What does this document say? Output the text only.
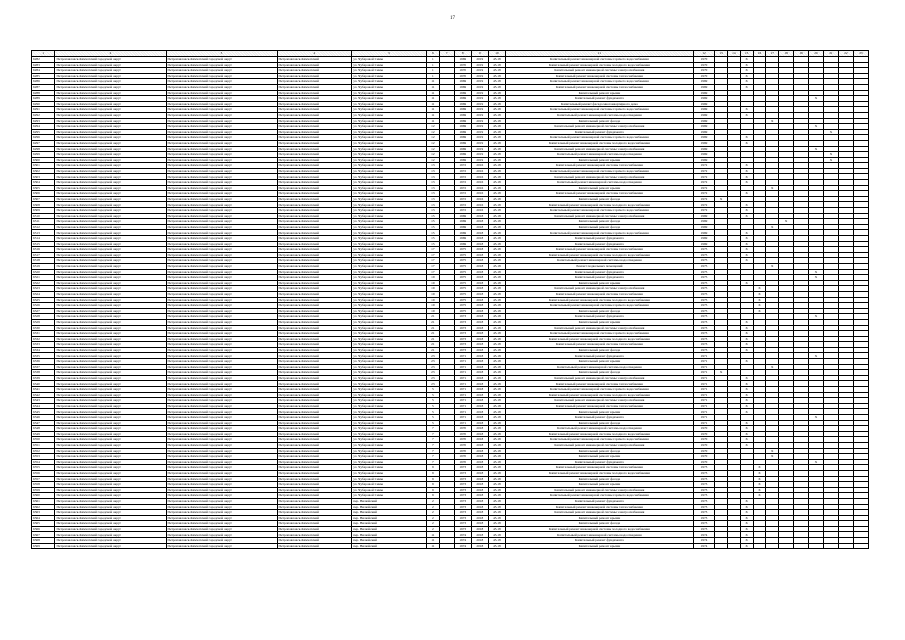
17
1	2	3	4	5	6	7	8	9	10	11	12	13	14	15	16	17	18	19	20	21	22	23
6282	Петропавловск-Камчатский городской округ	Петропавловск-Камчатский городской округ	Петропавловск-Камчатский	ул. Чубаровой Симы	1		1969	2019	45.18	Капитальный ремонт инженерной системы горячего водоснабжения	1970			X								
6283	Петропавловск-Камчатский городской округ	Петропавловск-Камчатский городской округ	Петропавловск-Камчатский	ул. Чубаровой Симы	1		1970	2019	45.18	Капитальный ремонт инженерной системы холодного водоснабжения	1970			X								
6284	Петропавловск-Камчатский городской округ	Петропавловск-Камчатский городской округ	Петропавловск-Камчатский	ул. Чубаровой Симы	1		1970	2019	45.18	Капитальный ремонт инженерной системы электроснабжения	1970			X								
6285	Петропавловск-Камчатский городской округ	Петропавловск-Камчатский городской округ	Петропавловск-Камчатский	ул. Чубаровой Симы	1		1970	2019	45.18	Капитальный ремонт инженерной системы теплоснабжения	1970			X								
6286	Петропавловск-Камчатский городской округ	Петропавловск-Камчатский городской округ	Петропавловск-Камчатский	ул. Чубаровой Симы	11		1969	2019	45.18	Капитальный ремонт инженерной системы горячего водоснабжения	1969			X								
6287	Петропавловск-Камчатский городской округ	Петропавловск-Камчатский городской округ	Петропавловск-Камчатский	ул. Чубаровой Симы	11		1969	2019	45.18	Капитальный ремонт инженерной системы теплоснабжения	1969			X								
6288	Петропавловск-Камчатский городской округ	Петропавловск-Камчатский городской округ	Петропавловск-Камчатский	ул. Чубаровой Симы	11		1969	2019	45.18	Капитальный ремонт крыши	1969											
6289	Петропавловск-Камчатский городской округ	Петропавловск-Камчатский городской округ	Петропавловск-Камчатский	ул. Чубаровой Симы	11		1969	2019	45.18	Капитальный ремонт фундамента	1969								X			
6290	Петропавловск-Камчатский городской округ	Петропавловск-Камчатский городской округ	Петропавловск-Камчатский	ул. Чубаровой Симы	11		1969	2019	45.18	Капитальный ремонт фасада многоквартирного дома	1969											
6291	Петропавловск-Камчатский городской округ	Петропавловск-Камчатский городской округ	Петропавловск-Камчатский	ул. Чубаровой Симы	11		1969	2019	45.18	Капитальный ремонт инженерной системы горячего водоснабжения	1969			X								
6292	Петропавловск-Камчатский городской округ	Петропавловск-Камчатский городской округ	Петропавловск-Камчатский	ул. Чубаровой Симы	11		1969	2019	45.18	Капитальный ремонт инженерной системы водоотведения	1969			X								
6293	Петропавловск-Камчатский городской округ	Петропавловск-Камчатский городской округ	Петропавловск-Камчатский	ул. Чубаровой Симы	11		1969	2019	45.18	Капитальный ремонт фасада	1969					X						
6294	Петропавловск-Камчатский городской округ	Петропавловск-Камчатский городской округ	Петропавловск-Камчатский	ул. Чубаровой Симы	12		1969	2019	45.18	Капитальный ремонт инженерной системы электроснабжения	1969								X			
6295	Петропавловск-Камчатский городской округ	Петропавловск-Камчатский городской округ	Петропавловск-Камчатский	ул. Чубаровой Симы	12		1969	2019	45.18	Капитальный ремонт фундамента	1969									X		
6296	Петропавловск-Камчатский городской округ	Петропавловск-Камчатский городской округ	Петропавловск-Камчатский	ул. Чубаровой Симы	12		1969	2019	45.18	Капитальный ремонт инженерной системы горячего водоснабжения	1969			X								
6297	Петропавловск-Камчатский городской округ	Петропавловск-Камчатский городской округ	Петропавловск-Камчатский	ул. Чубаровой Симы	12		1969	2019	45.18	Капитальный ремонт инженерной системы холодного водоснабжения	1969			X								
6298	Петропавловск-Камчатский городской округ	Петропавловск-Камчатский городской округ	Петропавловск-Камчатский	ул. Чубаровой Симы	12		1969	2019	45.18	Капитальный ремонт инженерной системы электроснабжения	1969								X			
6299	Петропавловск-Камчатский городской округ	Петропавловск-Камчатский городской округ	Петропавловск-Камчатский	ул. Чубаровой Симы	12		1969	2019	45.18	Капитальный ремонт инженерной системы водоотведения	1969									X		
6300	Петропавловск-Камчатский городской округ	Петропавловск-Камчатский городской округ	Петропавловск-Камчатский	ул. Чубаровой Симы	12		1969	2019	45.18	Капитальный ремонт крыши	1969									X		
6301	Петропавловск-Камчатский городской округ	Петропавловск-Камчатский городской округ	Петропавловск-Камчатский	ул. Чубаровой Симы	13		1972	2016	45.18	Капитальный ремонт инженерной системы теплоснабжения	1972			X								
6302	Петропавловск-Камчатский городской округ	Петропавловск-Камчатский городской округ	Петропавловск-Камчатский	ул. Чубаровой Симы	13		1972	2016	45.18	Капитальный ремонт инженерной системы горячего водоснабжения	1972			X								
6303	Петропавловск-Камчатский городской округ	Петропавловск-Камчатский городской округ	Петропавловск-Камчатский	ул. Чубаровой Симы	13		1972	2016	45.18	Капитальный ремонт инженерной системы электроснабжения	1972			X								
6304	Петропавловск-Камчатский городской округ	Петропавловск-Камчатский городской округ	Петропавловск-Камчатский	ул. Чубаровой Симы	13		1972	2016	45.18	Капитальный ремонт инженерной системы водоотведения	1972			X								
6305	Петропавловск-Камчатский городской округ	Петропавловск-Камчатский городской округ	Петропавловск-Камчатский	ул. Чубаровой Симы	13		1972	2016	45.18	Капитальный ремонт крыши	1972					X						
6306	Петропавловск-Камчатский городской округ	Петропавловск-Камчатский городской округ	Петропавловск-Камчатский	ул. Чубаровой Симы	13		1972	2016	45.18	Капитальный ремонт инженерной системы теплоснабжения	1972			X								
6307	Петропавловск-Камчатский городской округ	Петропавловск-Камчатский городской округ	Петропавловск-Камчатский	ул. Чубаровой Симы	13		1972	2016	45.18	Капитальный ремонт фасада	1972	X										
6308	Петропавловск-Камчатский городской округ	Петропавловск-Камчатский городской округ	Петропавловск-Камчатский	ул. Чубаровой Симы	13		1972	2016	45.18	Капитальный ремонт инженерной системы холодного водоснабжения	1972			X								
6309	Петропавловск-Камчатский городской округ	Петропавловск-Камчатский городской округ	Петропавловск-Камчатский	ул. Чубаровой Симы	13		1972	2016	45.18	Капитальный ремонт инженерной системы горячего водоснабжения	1972			X								
6310	Петропавловск-Камчатский городской округ	Петропавловск-Камчатский городской округ	Петропавловск-Камчатский	ул. Чубаровой Симы	15		1969	2018	45.18	Капитальный ремонт инженерной системы электроснабжения	1969			X								
6311	Петропавловск-Камчатский городской округ	Петропавловск-Камчатский городской округ	Петропавловск-Камчатский	ул. Чубаровой Симы	15		1969	2018	45.18	Капитальный ремонт фасада	1969						X					
6312	Петропавловск-Камчатский городской округ	Петропавловск-Камчатский городской округ	Петропавловск-Камчатский	ул. Чубаровой Симы	15		1969	2018	45.18	Капитальный ремонт фасада	1969					X						
6313	Петропавловск-Камчатский городской округ	Петропавловск-Камчатский городской округ	Петропавловск-Камчатский	ул. Чубаровой Симы	15		1969	2018	45.18	Капитальный ремонт инженерной системы горячего водоснабжения	1969			X								
6314	Петропавловск-Камчатский городской округ	Петропавловск-Камчатский городской округ	Петропавловск-Камчатский	ул. Чубаровой Симы	15		1969	2018	45.18	Капитальный ремонт фундамента	1969			X								
6315	Петропавловск-Камчатский городской округ	Петропавловск-Камчатский городской округ	Петропавловск-Камчатский	ул. Чубаровой Симы	15		1969	2018	45.18	Капитальный ремонт фундамента	1969			X								
6316	Петропавловск-Камчатский городской округ	Петропавловск-Камчатский городской округ	Петропавловск-Камчатский	ул. Чубаровой Симы	17		1975	2018	45.18	Капитальный ремонт инженерной системы теплоснабжения	1975			X								
6317	Петропавловск-Камчатский городской округ	Петропавловск-Камчатский городской округ	Петропавловск-Камчатский	ул. Чубаровой Симы	17		1975	2018	45.18	Капитальный ремонт инженерной системы холодного водоснабжения	1975			X								
6318	Петропавловск-Камчатский городской округ	Петропавловск-Камчатский городской округ	Петропавловск-Камчатский	ул. Чубаровой Симы	17		1975	2018	45.18	Капитальный ремонт инженерной системы водоотведения	1975			X								
6319	Петропавловск-Камчатский городской округ	Петропавловск-Камчатский городской округ	Петропавловск-Камчатский	ул. Чубаровой Симы	17		1975	2018	45.18	Ремонт подвальных помещений	1975					X						
6320	Петропавловск-Камчатский городской округ	Петропавловск-Камчатский городской округ	Петропавловск-Камчатский	ул. Чубаровой Симы	17		1975	2018	45.18	Капитальный ремонт фундамента	1975								X			
6321	Петропавловск-Камчатский городской округ	Петропавловск-Камчатский городской округ	Петропавловск-Камчатский	ул. Чубаровой Симы	19		1975	2018	45.18	Капитальный ремонт фундамента	1975								X			
6322	Петропавловск-Камчатский городской округ	Петропавловск-Камчатский городской округ	Петропавловск-Камчатский	ул. Чубаровой Симы	19		1975	2018	45.18	Капитальный ремонт крыши	1975			X								
6323	Петропавловск-Камчатский городской округ	Петропавловск-Камчатский городской округ	Петропавловск-Камчатский	ул. Чубаровой Симы	19		1975	2018	45.18	Капитальный ремонт инженерной системы электроснабжения	1975				X							
6324	Петропавловск-Камчатский городской округ	Петропавловск-Камчатский городской округ	Петропавловск-Камчатский	ул. Чубаровой Симы	19		1975	2018	45.18	Капитальный ремонт инженерной системы теплоснабжения	1975				X							
6325	Петропавловск-Камчатский городской округ	Петропавловск-Камчатский городской округ	Петропавловск-Камчатский	ул. Чубаровой Симы	19		1975	2018	45.18	Капитальный ремонт инженерной системы холодного водоснабжения	1975				X							
6326	Петропавловск-Камчатский городской округ	Петропавловск-Камчатский городской округ	Петропавловск-Камчатский	ул. Чубаровой Симы	19		1975	2018	45.18	Капитальный ремонт инженерной системы горячего водоснабжения	1975				X							
6327	Петропавловск-Камчатский городской округ	Петропавловск-Камчатский городской округ	Петропавловск-Камчатский	ул. Чубаровой Симы	19		1975	2018	45.18	Капитальный ремонт фасада	1975				X							
6328	Петропавловск-Камчатский городской округ	Петропавловск-Камчатский городской округ	Петропавловск-Камчатский	ул. Чубаровой Симы	21		1973	2018	45.18	Капитальный ремонт фундамента	1973								X			
6329	Петропавловск-Камчатский городской округ	Петропавловск-Камчатский городской округ	Петропавловск-Камчатский	ул. Чубаровой Симы	21		1973	2018	45.18	Капитальный ремонт крыши	1973			X								
6330	Петропавловск-Камчатский городской округ	Петропавловск-Камчатский городской округ	Петропавловск-Камчатский	ул. Чубаровой Симы	21		1973	2018	45.18	Капитальный ремонт инженерной системы электроснабжения	1973			X								
6331	Петропавловск-Камчатский городской округ	Петропавловск-Камчатский городской округ	Петропавловск-Камчатский	ул. Чубаровой Симы	21		1973	2018	45.18	Капитальный ремонт инженерной системы горячего водоснабжения	1973			X								
6332	Петропавловск-Камчатский городской округ	Петропавловск-Камчатский городской округ	Петропавловск-Камчатский	ул. Чубаровой Симы	21		1973	2018	45.18	Капитальный ремонт инженерной системы холодного водоснабжения	1973			X								
6333	Петропавловск-Камчатский городской округ	Петропавловск-Камчатский городской округ	Петропавловск-Камчатский	ул. Чубаровой Симы	21		1973	2018	45.18	Капитальный ремонт инженерной системы теплоснабжения	1973			X								
6334	Петропавловск-Камчатский городской округ	Петропавловск-Камчатский городской округ	Петропавловск-Камчатский	ул. Чубаровой Симы	21		1973	2018	45.18	Капитальный ремонт фасада	1973			X								
6335	Петропавловск-Камчатский городской округ	Петропавловск-Камчатский городской округ	Петропавловск-Камчатский	ул. Чубаровой Симы	23		1971	2018	45.18	Капитальный ремонт фундамента	1971								X			
6336	Петропавловск-Камчатский городской округ	Петропавловск-Камчатский городской округ	Петропавловск-Камчатский	ул. Чубаровой Симы	23		1971	2018	45.18	Капитальный ремонт крыши	1971			X								
6337	Петропавловск-Камчатский городской округ	Петропавловск-Камчатский городской округ	Петропавловск-Камчатский	ул. Чубаровой Симы	23		1971	2018	45.18	Капитальный ремонт инженерной системы водоотведения	1971					X						
6338	Петропавловск-Камчатский городской округ	Петропавловск-Камчатский городской округ	Петропавловск-Камчатский	ул. Чубаровой Симы	23		1971	2018	45.18	Капитальный ремонт фасада	1971	X										
6339	Петропавловск-Камчатский городской округ	Петропавловск-Камчатский городской округ	Петропавловск-Камчатский	ул. Чубаровой Симы	23		1971	2018	45.18	Капитальный ремонт инженерной системы электроснабжения	1971			X								
6340	Петропавловск-Камчатский городской округ	Петропавловск-Камчатский городской округ	Петропавловск-Камчатский	ул. Чубаровой Симы	23		1971	2018	45.18	Капитальный ремонт инженерной системы теплоснабжения	1971			X								
6341	Петропавловск-Камчатский городской округ	Петропавловск-Камчатский городской округ	Петропавловск-Камчатский	ул. Чубаровой Симы	5		1971	2018	45.18	Капитальный ремонт инженерной системы горячего водоснабжения	1971			X								
6342	Петропавловск-Камчатский городской округ	Петропавловск-Камчатский городской округ	Петропавловск-Камчатский	ул. Чубаровой Симы	5		1971	2018	45.18	Капитальный ремонт инженерной системы холодного водоснабжения	1971			X								
6343	Петропавловск-Камчатский городской округ	Петропавловск-Камчатский городской округ	Петропавловск-Камчатский	ул. Чубаровой Симы	5		1971	2018	45.18	Капитальный ремонт инженерной системы электроснабжения	1971			X								
6344	Петропавловск-Камчатский городской округ	Петропавловск-Камчатский городской округ	Петропавловск-Камчатский	ул. Чубаровой Симы	5		1971	2018	45.18	Капитальный ремонт инженерной системы теплоснабжения	1971			X								
6345	Петропавловск-Камчатский городской округ	Петропавловск-Камчатский городской округ	Петропавловск-Камчатский	ул. Чубаровой Симы	5		1971	2018	45.18	Капитальный ремонт крыши	1971			X								
6346	Петропавловск-Камчатский городской округ	Петропавловск-Камчатский городской округ	Петропавловск-Камчатский	ул. Чубаровой Симы	5		1971	2018	45.18	Капитальный ремонт фундамента	1971								X			
6347	Петропавловск-Камчатский городской округ	Петропавловск-Камчатский городской округ	Петропавловск-Камчатский	ул. Чубаровой Симы	5		1971	2018	45.18	Капитальный ремонт фасада	1971			X								
6348	Петропавловск-Камчатский городской округ	Петропавловск-Камчатский городской округ	Петропавловск-Камчатский	ул. Чубаровой Симы	7		1970	2018	45.18	Капитальный ремонт инженерной системы водоотведения	1970			X								
6349	Петропавловск-Камчатский городской округ	Петропавловск-Камчатский городской округ	Петропавловск-Камчатский	ул. Чубаровой Симы	7		1970	2018	45.18	Капитальный ремонт инженерной системы холодного водоснабжения	1970			X								
6350	Петропавловск-Камчатский городской округ	Петропавловск-Камчатский городской округ	Петропавловск-Камчатский	ул. Чубаровой Симы	7		1970	2018	45.18	Капитальный ремонт инженерной системы горячего водоснабжения	1970			X								
6351	Петропавловск-Камчатский городской округ	Петропавловск-Камчатский городской округ	Петропавловск-Камчатский	ул. Чубаровой Симы	7		1970	2018	45.18	Капитальный ремонт инженерной системы электроснабжения	1970			X								
6352	Петропавловск-Камчатский городской округ	Петропавловск-Камчатский городской округ	Петропавловск-Камчатский	ул. Чубаровой Симы	7		1970	2018	45.18	Капитальный ремонт фасада	1970					X						
6353	Петропавловск-Камчатский городской округ	Петропавловск-Камчатский городской округ	Петропавловск-Камчатский	ул. Чубаровой Симы	7		1970	2018	45.18	Капитальный ремонт крыши	1970					X						
6354	Петропавловск-Камчатский городской округ	Петропавловск-Камчатский городской округ	Петропавловск-Камчатский	ул. Чубаровой Симы	7		1970	2018	45.18	Капитальный ремонт фундамента	1970								X			
6355	Петропавловск-Камчатский городской округ	Петропавловск-Камчатский городской округ	Петропавловск-Камчатский	ул. Чубаровой Симы	9		1973	2018	45.18	Капитальный ремонт инженерной системы теплоснабжения	1973				X							
6356	Петропавловск-Камчатский городской округ	Петропавловск-Камчатский городской округ	Петропавловск-Камчатский	ул. Чубаровой Симы	9		1973	2018	45.18	Капитальный ремонт инженерной системы холодного водоснабжения	1973				X							
6357	Петропавловск-Камчатский городской округ	Петропавловск-Камчатский городской округ	Петропавловск-Камчатский	ул. Чубаровой Симы	9		1973	2018	45.18	Капитальный ремонт фасада	1973				X							
6358	Петропавловск-Камчатский городской округ	Петропавловск-Камчатский городской округ	Петропавловск-Камчатский	ул. Чубаровой Симы	9		1973	2018	45.18	Капитальный ремонт крыши	1973				X							
6359	Петропавловск-Камчатский городской округ	Петропавловск-Камчатский городской округ	Петропавловск-Камчатский	ул. Чубаровой Симы	9		1973	2018	45.18	Капитальный ремонт инженерной системы электроснабжения	1973				X							
6360	Петропавловск-Камчатский городской округ	Петропавловск-Камчатский городской округ	Петропавловск-Камчатский	ул. Чубаровой Симы	9		1973	2018	45.18	Капитальный ремонт инженерной системы горячего водоснабжения	1973				X							
6361	Петропавловск-Камчатский городской округ	Петропавловск-Камчатский городской округ	Петропавловск-Камчатский	пер. Вилюйский	2		1973	2018	45.18	Капитальный ремонт фундамента	1973			X								
6362	Петропавловск-Камчатский городской округ	Петропавловск-Камчатский городской округ	Петропавловск-Камчатский	пер. Вилюйский	2		1973	2018	45.18	Капитальный ремонт инженерной системы теплоснабжения	1973			X								
6363	Петропавловск-Камчатский городской округ	Петропавловск-Камчатский городской округ	Петропавловск-Камчатский	пер. Вилюйский	2		1973	2018	45.18	Капитальный ремонт инженерной системы электроснабжения	1973			X								
6364	Петропавловск-Камчатский городской округ	Петропавловск-Камчатский городской округ	Петропавловск-Камчатский	пер. Вилюйский	2		1973	2018	45.18	Капитальный ремонт крыши	1973			X								
6365	Петропавловск-Камчатский городской округ	Петропавловск-Камчатский городской округ	Петропавловск-Камчатский	пер. Вилюйский	2		1973	2018	45.18	Капитальный ремонт фасада	1973			X								
6366	Петропавловск-Камчатский городской округ	Петропавловск-Камчатский городской округ	Петропавловск-Камчатский	пер. Вилюйский	2		1973	2018	45.18	Капитальный ремонт инженерной системы холодного водоснабжения	1973			X								
6367	Петропавловск-Камчатский городской округ	Петропавловск-Камчатский городской округ	Петропавловск-Камчатский	пер. Вилюйский	11		1974	2018	45.18	Капитальный ремонт инженерной системы водоотведения	1974			X								
6368	Петропавловск-Камчатский городской округ	Петропавловск-Камчатский городской округ	Петропавловск-Камчатский	пер. Вилюйский	11		1974	2018	45.18	Капитальный ремонт фундамента	1974			X								
6369	Петропавловск-Камчатский городской округ	Петропавловск-Камчатский городской округ	Петропавловск-Камчатский	пер. Вилюйский	11		1974	2018	45.18	Капитальный ремонт крыши	1974			X								
